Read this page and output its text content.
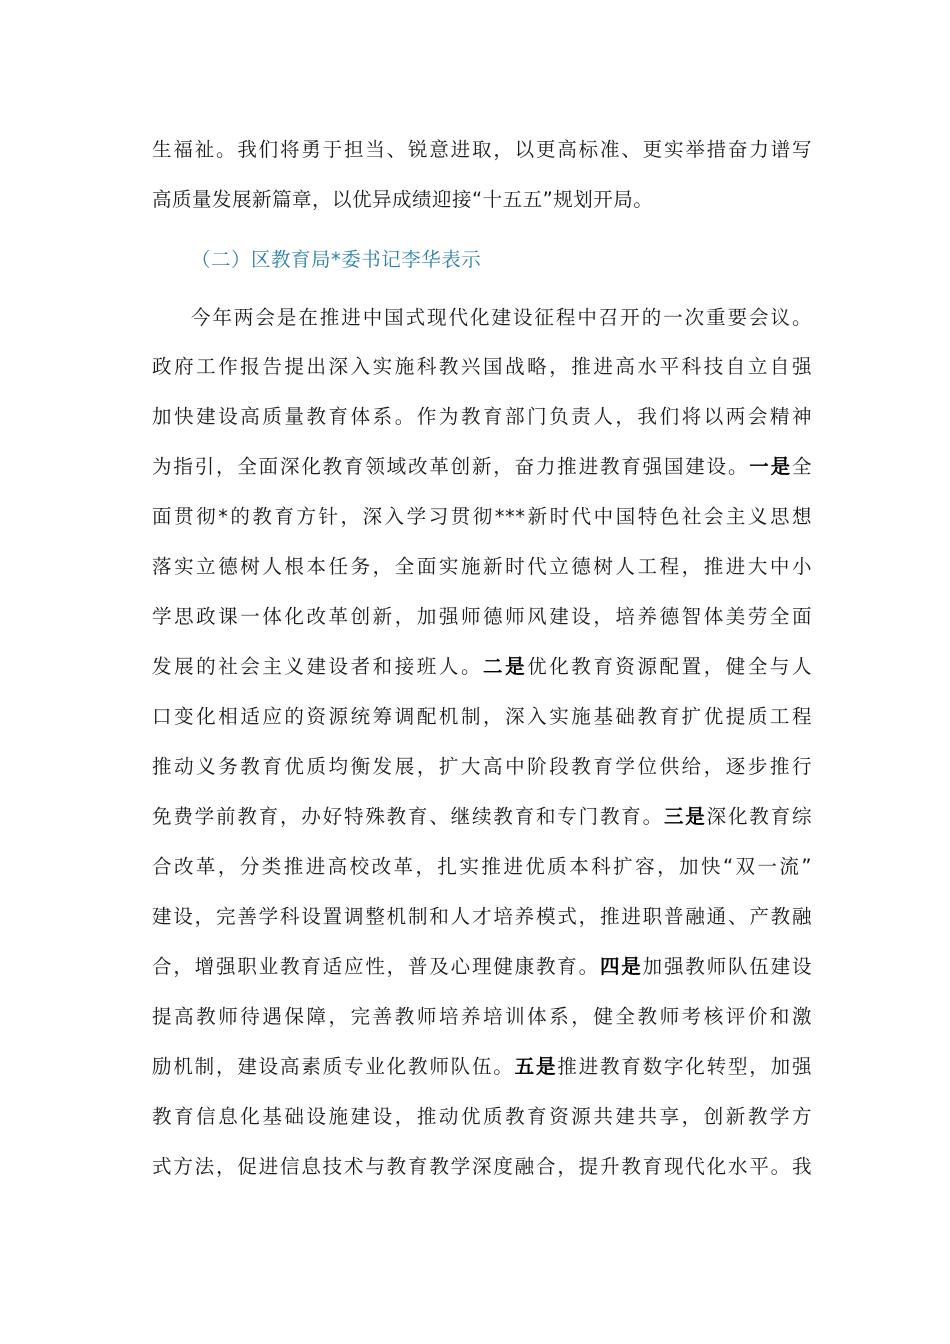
生福祉。我们将勇于担当、锐意进取，以更高标准、更实举措奋力谱写
高质量发展新篇章，以优异成绩迎接“十五五”规划开局。
（二）区教育局*委书记李华表示
今年两会是在推进中国式现代化建设征程中召开的一次重要会议。
政府工作报告提出深入实施科教兴国战略，推进高水平科技自立自强
加快建设高质量教育体系。作为教育部门负责人，我们将以两会精神
为指引，全面深化教育领域改革创新，奋力推进教育强国建设。一是全
面贯彻*的教育方针，深入学习贯彻***新时代中国特色社会主义思想
落实立德树人根本任务，全面实施新时代立德树人工程，推进大中小
学思政课一体化改革创新，加强师德师风建设，培养德智体美劳全面
发展的社会主义建设者和接班人。二是优化教育资源配置，健全与人
口变化相适应的资源统筹调配机制，深入实施基础教育扩优提质工程
推动义务教育优质均衡发展，扩大高中阶段教育学位供给，逐步推行
免费学前教育，办好特殊教育、继续教育和专门教育。三是深化教育综
合改革，分类推进高校改革，扎实推进优质本科扩容，加快“双一流”
建设，完善学科设置调整机制和人才培养模式，推进职普融通、产教融
合，增强职业教育适应性，普及心理健康教育。四是加强教师队伍建设
提高教师待遇保障，完善教师培养培训体系，健全教师考核评价和激
励机制，建设高素质专业化教师队伍。五是推进教育数字化转型，加强
教育信息化基础设施建设，推动优质教育资源共建共享，创新教学方
式方法，促进信息技术与教育教学深度融合，提升教育现代化水平。我
